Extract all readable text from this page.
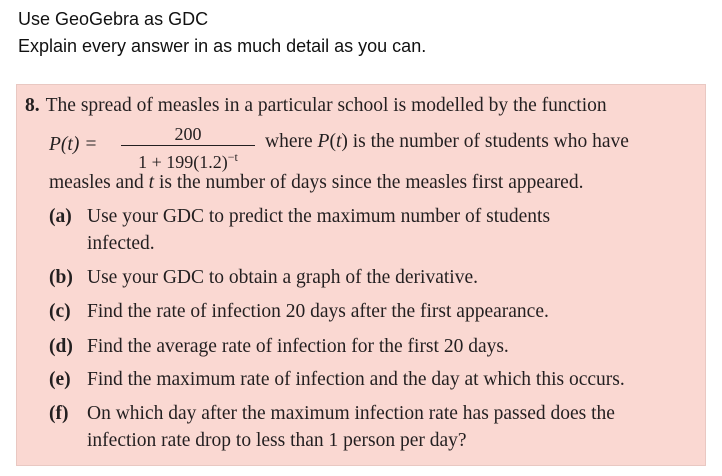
Use GeoGebra as GDC
Explain every answer in as much detail as you can.
8. The spread of measles in a particular school is modelled by the function
P(t) =	200
$1 + 199(1.2)^{-t}$
where P(t) is the number of students who have
measles and t is the number of days since the measles first appeared.
(a) Use your GDC to predict the maximum number of students
infected.
(b) Use your GDC to obtain a graph of the derivative.
(c) Find the rate of infection 20 days after the first appearance.
(d) Find the average rate of infection for the first 20 days.
(e) Find the maximum rate of infection and the day at which this occurs.
(f) On which day after the maximum infection rate has passed does the
infection rate drop to less than 1 person per day?
